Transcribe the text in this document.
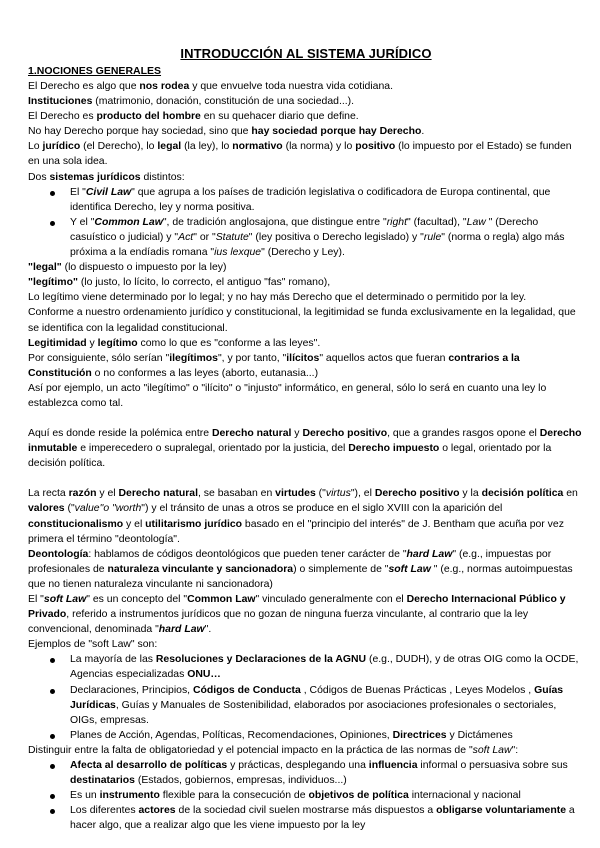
INTRODUCCIÓN AL SISTEMA JURÍDICO
1.NOCIONES GENERALES

El Derecho es algo que nos rodea y que envuelve toda nuestra vida cotidiana.

Instituciones (matrimonio, donación, constitución de una sociedad...).

El Derecho es producto del hombre en su quehacer diario que define.

No hay Derecho porque hay sociedad, sino que hay sociedad porque hay Derecho.

Lo jurídico (el Derecho), lo legal (la ley), lo normativo (la norma) y lo positivo (lo impuesto por el Estado) se funden en una sola idea.

Dos sistemas jurídicos distintos:

El "Civil Law" que agrupa a los países de tradición legislativa o codificadora de Europa continental, que identifica Derecho, ley y norma positiva.
Y el "Common Law", de tradición anglosajona, que distingue entre "right" (facultad), "Law " (Derecho casuístico o judicial) y "Act" or "Statute" (ley positiva o Derecho legislado) y "rule" (norma o regla) algo más próxima a la endíadis romana "ius lexque" (Derecho y Ley).

"legal" (lo dispuesto o impuesto por la ley)

"legítimo" (lo justo, lo lícito, lo correcto, el antiguo "fas" romano),

Lo legítimo viene determinado por lo legal; y no hay más Derecho que el determinado o permitido por la ley.

Conforme a nuestro ordenamiento jurídico y constitucional, la legitimidad se funda exclusivamente en la legalidad, que se identifica con la legalidad constitucional.

Legitimidad y legítimo como lo que es "conforme a las leyes".

Por consiguiente, sólo serían "ilegítimos", y por tanto, "ilícitos" aquellos actos que fueran contrarios a la Constitución o no conformes a las leyes (aborto, eutanasia...)

Así por ejemplo, un acto "ilegítimo" o "ilícito" o "injusto" informático, en general, sólo lo será en cuanto una ley lo establezca como tal.

Aquí es donde reside la polémica entre Derecho natural y Derecho positivo, que a grandes rasgos opone el Derecho inmutable e imperecedero o supralegal, orientado por la justicia, del Derecho impuesto o legal, orientado por la decisión política.

La recta razón y el Derecho natural, se basaban en virtudes ("virtus"), el Derecho positivo y la decisión política en valores ("value"o "worth") y el tránsito de unas a otros se produce en el siglo XVIII con la aparición del constitucionalismo y el utilitarismo jurídico basado en el "principio del interés" de J. Bentham que acuña por vez primera el término "deontología".

Deontología: hablamos de códigos deontológicos que pueden tener carácter de "hard Law" (e.g., impuestas por profesionales de naturaleza vinculante y sancionadora) o simplemente de "soft Law " (e.g., normas autoimpuestas que no tienen naturaleza vinculante ni sancionadora)

El "soft Law" es un concepto del "Common Law" vinculado generalmente con el Derecho Internacional Público y Privado, referido a instrumentos jurídicos que no gozan de ninguna fuerza vinculante, al contrario que la ley convencional, denominada "hard Law".

Ejemplos de "soft Law" son:

La mayoría de las Resoluciones y Declaraciones de la AGNU (e.g., DUDH), y de otras OIG como la OCDE, Agencias especializadas ONU…
Declaraciones, Principios, Códigos de Conducta , Códigos de Buenas Prácticas , Leyes Modelos , Guías Jurídicas, Guías y Manuales de Sostenibilidad, elaborados por asociaciones profesionales o sectoriales, OIGs, empresas.
Planes de Acción, Agendas, Políticas, Recomendaciones, Opiniones, Directrices y Dictámenes

Distinguir entre la falta de obligatoriedad y el potencial impacto en la práctica de las normas de "soft Law":

Afecta al desarrollo de políticas y prácticas, desplegando una influencia informal o persuasiva sobre sus destinatarios (Estados, gobiernos, empresas, individuos...)
Es un instrumento flexible para la consecución de objetivos de política internacional y nacional
Los diferentes actores de la sociedad civil suelen mostrarse más dispuestos a obligarse voluntariamente a hacer algo, que a realizar algo que les viene impuesto por la ley
